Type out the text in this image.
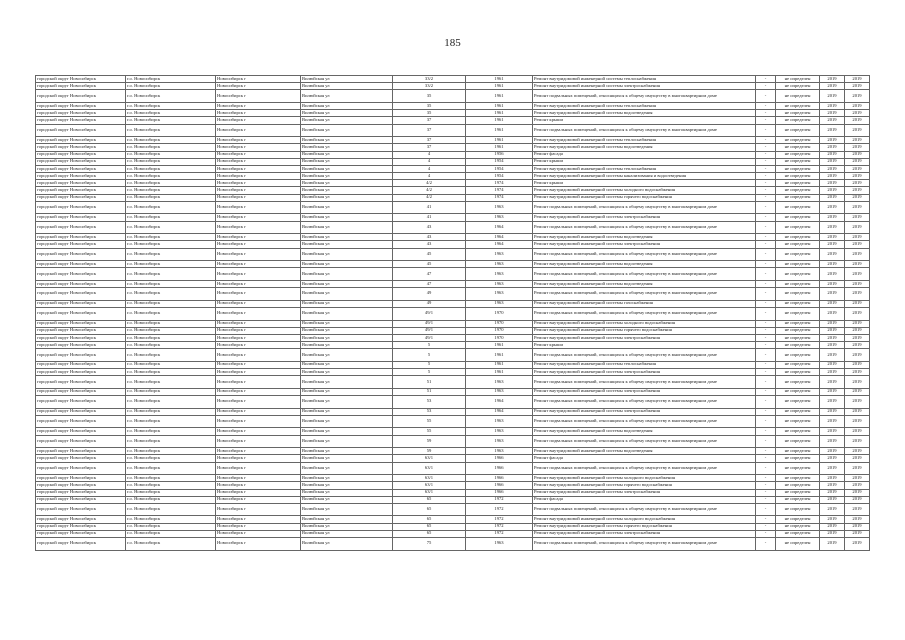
185
городской округ Новосибирск	г.о. Новосибирск	Новосибирск г	Вилюйская ул	33/2	1961	Ремонт внутридомовой инженерной системы теплоснабжения	-	не определен	2019	2019
городской округ Новосибирск	г.о. Новосибирск	Новосибирск г	Вилюйская ул	33/2	1961	Ремонт внутридомовой инженерной системы электроснабжения	-	не определен	2019	2019
городской округ Новосибирск	г.о. Новосибирск	Новосибирск г	Вилюйская ул	35	1961	Ремонт подвальных помещений, относящихся к общему имуществу в многоквартирном доме	-	не определен	2019	2019
городской округ Новосибирск	г.о. Новосибирск	Новосибирск г	Вилюйская ул	35	1961	Ремонт внутридомовой инженерной системы теплоснабжения	-	не определен	2019	2019
городской округ Новосибирск	г.о. Новосибирск	Новосибирск г	Вилюйская ул	35	1961	Ремонт внутридомовой инженерной системы водоотведения	-	не определен	2019	2019
городской округ Новосибирск	г.о. Новосибирск	Новосибирск г	Вилюйская ул	37	1961	Ремонт крыши	-	не определен	2019	2019
городской округ Новосибирск	г.о. Новосибирск	Новосибирск г	Вилюйская ул	37	1961	Ремонт подвальных помещений, относящихся к общему имуществу в многоквартирном доме	-	не определен	2019	2019
городской округ Новосибирск	г.о. Новосибирск	Новосибирск г	Вилюйская ул	37	1961	Ремонт внутридомовой инженерной системы теплоснабжения	-	не определен	2019	2019
городской округ Новосибирск	г.о. Новосибирск	Новосибирск г	Вилюйская ул	37	1961	Ремонт внутридомовой инженерной системы водоотведения	-	не определен	2019	2019
городской округ Новосибирск	г.о. Новосибирск	Новосибирск г	Вилюйская ул	4	1956	Ремонт фасада	-	не определен	2019	2019
городской округ Новосибирск	г.о. Новосибирск	Новосибирск г	Вилюйская ул	4	1954	Ремонт крыши	-	не определен	2019	2019
городской округ Новосибирск	г.о. Новосибирск	Новосибирск г	Вилюйская ул	4	1954	Ремонт внутридомовой инженерной системы теплоснабжения	-	не определен	2019	2019
городской округ Новосибирск	г.о. Новосибирск	Новосибирск г	Вилюйская ул	4	1954	Ремонт внутридомовой инженерной системы канализования и водоотведения	-	не определен	2019	2019
городской округ Новосибирск	г.о. Новосибирск	Новосибирск г	Вилюйская ул	4/2	1974	Ремонт крыши	-	не определен	2019	2019
городской округ Новосибирск	г.о. Новосибирск	Новосибирск г	Вилюйская ул	4/2	1974	Ремонт внутридомовой инженерной системы холодного водоснабжения	-	не определен	2019	2019
городской округ Новосибирск	г.о. Новосибирск	Новосибирск г	Вилюйская ул	4/2	1974	Ремонт внутридомовой инженерной системы горячего водоснабжения	-	не определен	2019	2019
городской округ Новосибирск	г.о. Новосибирск	Новосибирск г	Вилюйская ул	41	1963	Ремонт подвальных помещений, относящихся к общему имуществу в многоквартирном доме	-	не определен	2019	2019
городской округ Новосибирск	г.о. Новосибирск	Новосибирск г	Вилюйская ул	41	1963	Ремонт внутридомовой инженерной системы электроснабжения	-	не определен	2019	2019
городской округ Новосибирск	г.о. Новосибирск	Новосибирск г	Вилюйская ул	43	1964	Ремонт подвальных помещений, относящихся к общему имуществу в многоквартирном доме	-	не определен	2019	2019
городской округ Новосибирск	г.о. Новосибирск	Новосибирск г	Вилюйская ул	43	1964	Ремонт внутридомовой инженерной системы водоотведения	-	не определен	2019	2019
городской округ Новосибирск	г.о. Новосибирск	Новосибирск г	Вилюйская ул	43	1964	Ремонт внутридомовой инженерной системы электроснабжения	-	не определен	2019	2019
городской округ Новосибирск	г.о. Новосибирск	Новосибирск г	Вилюйская ул	45	1963	Ремонт подвальных помещений, относящихся к общему имуществу в многоквартирном доме	-	не определен	2019	2019
городской округ Новосибирск	г.о. Новосибирск	Новосибирск г	Вилюйская ул	45	1963	Ремонт внутридомовой инженерной системы водоотведения	-	не определен	2019	2019
городской округ Новосибирск	г.о. Новосибирск	Новосибирск г	Вилюйская ул	47	1963	Ремонт подвальных помещений, относящихся к общему имуществу в многоквартирном доме	-	не определен	2019	2019
городской округ Новосибирск	г.о. Новосибирск	Новосибирск г	Вилюйская ул	47	1963	Ремонт внутридомовой инженерной системы водоотведения	-	не определен	2019	2019
городской округ Новосибирск	г.о. Новосибирск	Новосибирск г	Вилюйская ул	49	1963	Ремонт подвальных помещений, относящихся к общему имуществу в многоквартирном доме	-	не определен	2019	2019
городской округ Новосибирск	г.о. Новосибирск	Новосибирск г	Вилюйская ул	49	1963	Ремонт внутридомовой инженерной системы газоснабжения	-	не определен	2019	2019
городской округ Новосибирск	г.о. Новосибирск	Новосибирск г	Вилюйская ул	49/1	1970	Ремонт подвальных помещений, относящихся к общему имуществу в многоквартирном доме	-	не определен	2019	2019
городской округ Новосибирск	г.о. Новосибирск	Новосибирск г	Вилюйская ул	49/1	1970	Ремонт внутридомовой инженерной системы холодного водоснабжения	-	не определен	2019	2019
городской округ Новосибирск	г.о. Новосибирск	Новосибирск г	Вилюйская ул	49/1	1970	Ремонт внутридомовой инженерной системы горячего водоснабжения	-	не определен	2019	2019
городской округ Новосибирск	г.о. Новосибирск	Новосибирск г	Вилюйская ул	49/1	1970	Ремонт внутридомовой инженерной системы электроснабжения	-	не определен	2019	2019
городской округ Новосибирск	г.о. Новосибирск	Новосибирск г	Вилюйская ул	5	1961	Ремонт крыши	-	не определен	2019	2019
городской округ Новосибирск	г.о. Новосибирск	Новосибирск г	Вилюйская ул	5	1961	Ремонт подвальных помещений, относящихся к общему имуществу в многоквартирном доме	-	не определен	2019	2019
городской округ Новосибирск	г.о. Новосибирск	Новосибирск г	Вилюйская ул	5	1961	Ремонт внутридомовой инженерной системы теплоснабжения	-	не определен	2019	2019
городской округ Новосибирск	г.о. Новосибирск	Новосибирск г	Вилюйская ул	5	1961	Ремонт внутридомовой инженерной системы электроснабжения	-	не определен	2019	2019
городской округ Новосибирск	г.о. Новосибирск	Новосибирск г	Вилюйская ул	51	1963	Ремонт подвальных помещений, относящихся к общему имуществу в многоквартирном доме	-	не определен	2019	2019
городской округ Новосибирск	г.о. Новосибирск	Новосибирск г	Вилюйская ул	51	1963	Ремонт внутридомовой инженерной системы электроснабжения	-	не определен	2019	2019
городской округ Новосибирск	г.о. Новосибирск	Новосибирск г	Вилюйская ул	53	1964	Ремонт подвальных помещений, относящихся к общему имуществу в многоквартирном доме	-	не определен	2019	2019
городской округ Новосибирск	г.о. Новосибирск	Новосибирск г	Вилюйская ул	53	1964	Ремонт внутридомовой инженерной системы электроснабжения	-	не определен	2019	2019
городской округ Новосибирск	г.о. Новосибирск	Новосибирск г	Вилюйская ул	55	1963	Ремонт подвальных помещений, относящихся к общему имуществу в многоквартирном доме	-	не определен	2019	2019
городской округ Новосибирск	г.о. Новосибирск	Новосибирск г	Вилюйская ул	55	1963	Ремонт внутридомовой инженерной системы водоотведения	-	не определен	2019	2019
городской округ Новосибирск	г.о. Новосибирск	Новосибирск г	Вилюйская ул	59	1963	Ремонт подвальных помещений, относящихся к общему имуществу в многоквартирном доме	-	не определен	2019	2019
городской округ Новосибирск	г.о. Новосибирск	Новосибирск г	Вилюйская ул	59	1963	Ремонт внутридомовой инженерной системы водоотведения	-	не определен	2019	2019
городской округ Новосибирск	г.о. Новосибирск	Новосибирск г	Вилюйская ул	63/1	1966	Ремонт фасада	-	не определен	2019	2019
городской округ Новосибирск	г.о. Новосибирск	Новосибирск г	Вилюйская ул	63/1	1966	Ремонт подвальных помещений, относящихся к общему имуществу в многоквартирном доме	-	не определен	2019	2019
городской округ Новосибирск	г.о. Новосибирск	Новосибирск г	Вилюйская ул	63/1	1966	Ремонт внутридомовой инженерной системы холодного водоснабжения	-	не определен	2019	2019
городской округ Новосибирск	г.о. Новосибирск	Новосибирск г	Вилюйская ул	63/1	1966	Ремонт внутридомовой инженерной системы горячего водоснабжения	-	не определен	2019	2019
городской округ Новосибирск	г.о. Новосибирск	Новосибирск г	Вилюйская ул	63/1	1966	Ремонт внутридомовой инженерной системы электроснабжения	-	не определен	2019	2019
городской округ Новосибирск	г.о. Новосибирск	Новосибирск г	Вилюйская ул	65	1972	Ремонт фасада	-	не определен	2019	2019
городской округ Новосибирск	г.о. Новосибирск	Новосибирск г	Вилюйская ул	65	1972	Ремонт подвальных помещений, относящихся к общему имуществу в многоквартирном доме	-	не определен	2019	2019
городской округ Новосибирск	г.о. Новосибирск	Новосибирск г	Вилюйская ул	65	1972	Ремонт внутридомовой инженерной системы холодного водоснабжения	-	не определен	2019	2019
городской округ Новосибирск	г.о. Новосибирск	Новосибирск г	Вилюйская ул	65	1972	Ремонт внутридомовой инженерной системы горячего водоснабжения	-	не определен	2019	2019
городской округ Новосибирск	г.о. Новосибирск	Новосибирск г	Вилюйская ул	65	1972	Ремонт внутридомовой инженерной системы электроснабжения	-	не определен	2019	2019
городской округ Новосибирск	г.о. Новосибирск	Новосибирск г	Вилюйская ул	75	1963	Ремонт подвальных помещений, относящихся к общему имуществу в многоквартирном доме	-	не определен	2019	2019
